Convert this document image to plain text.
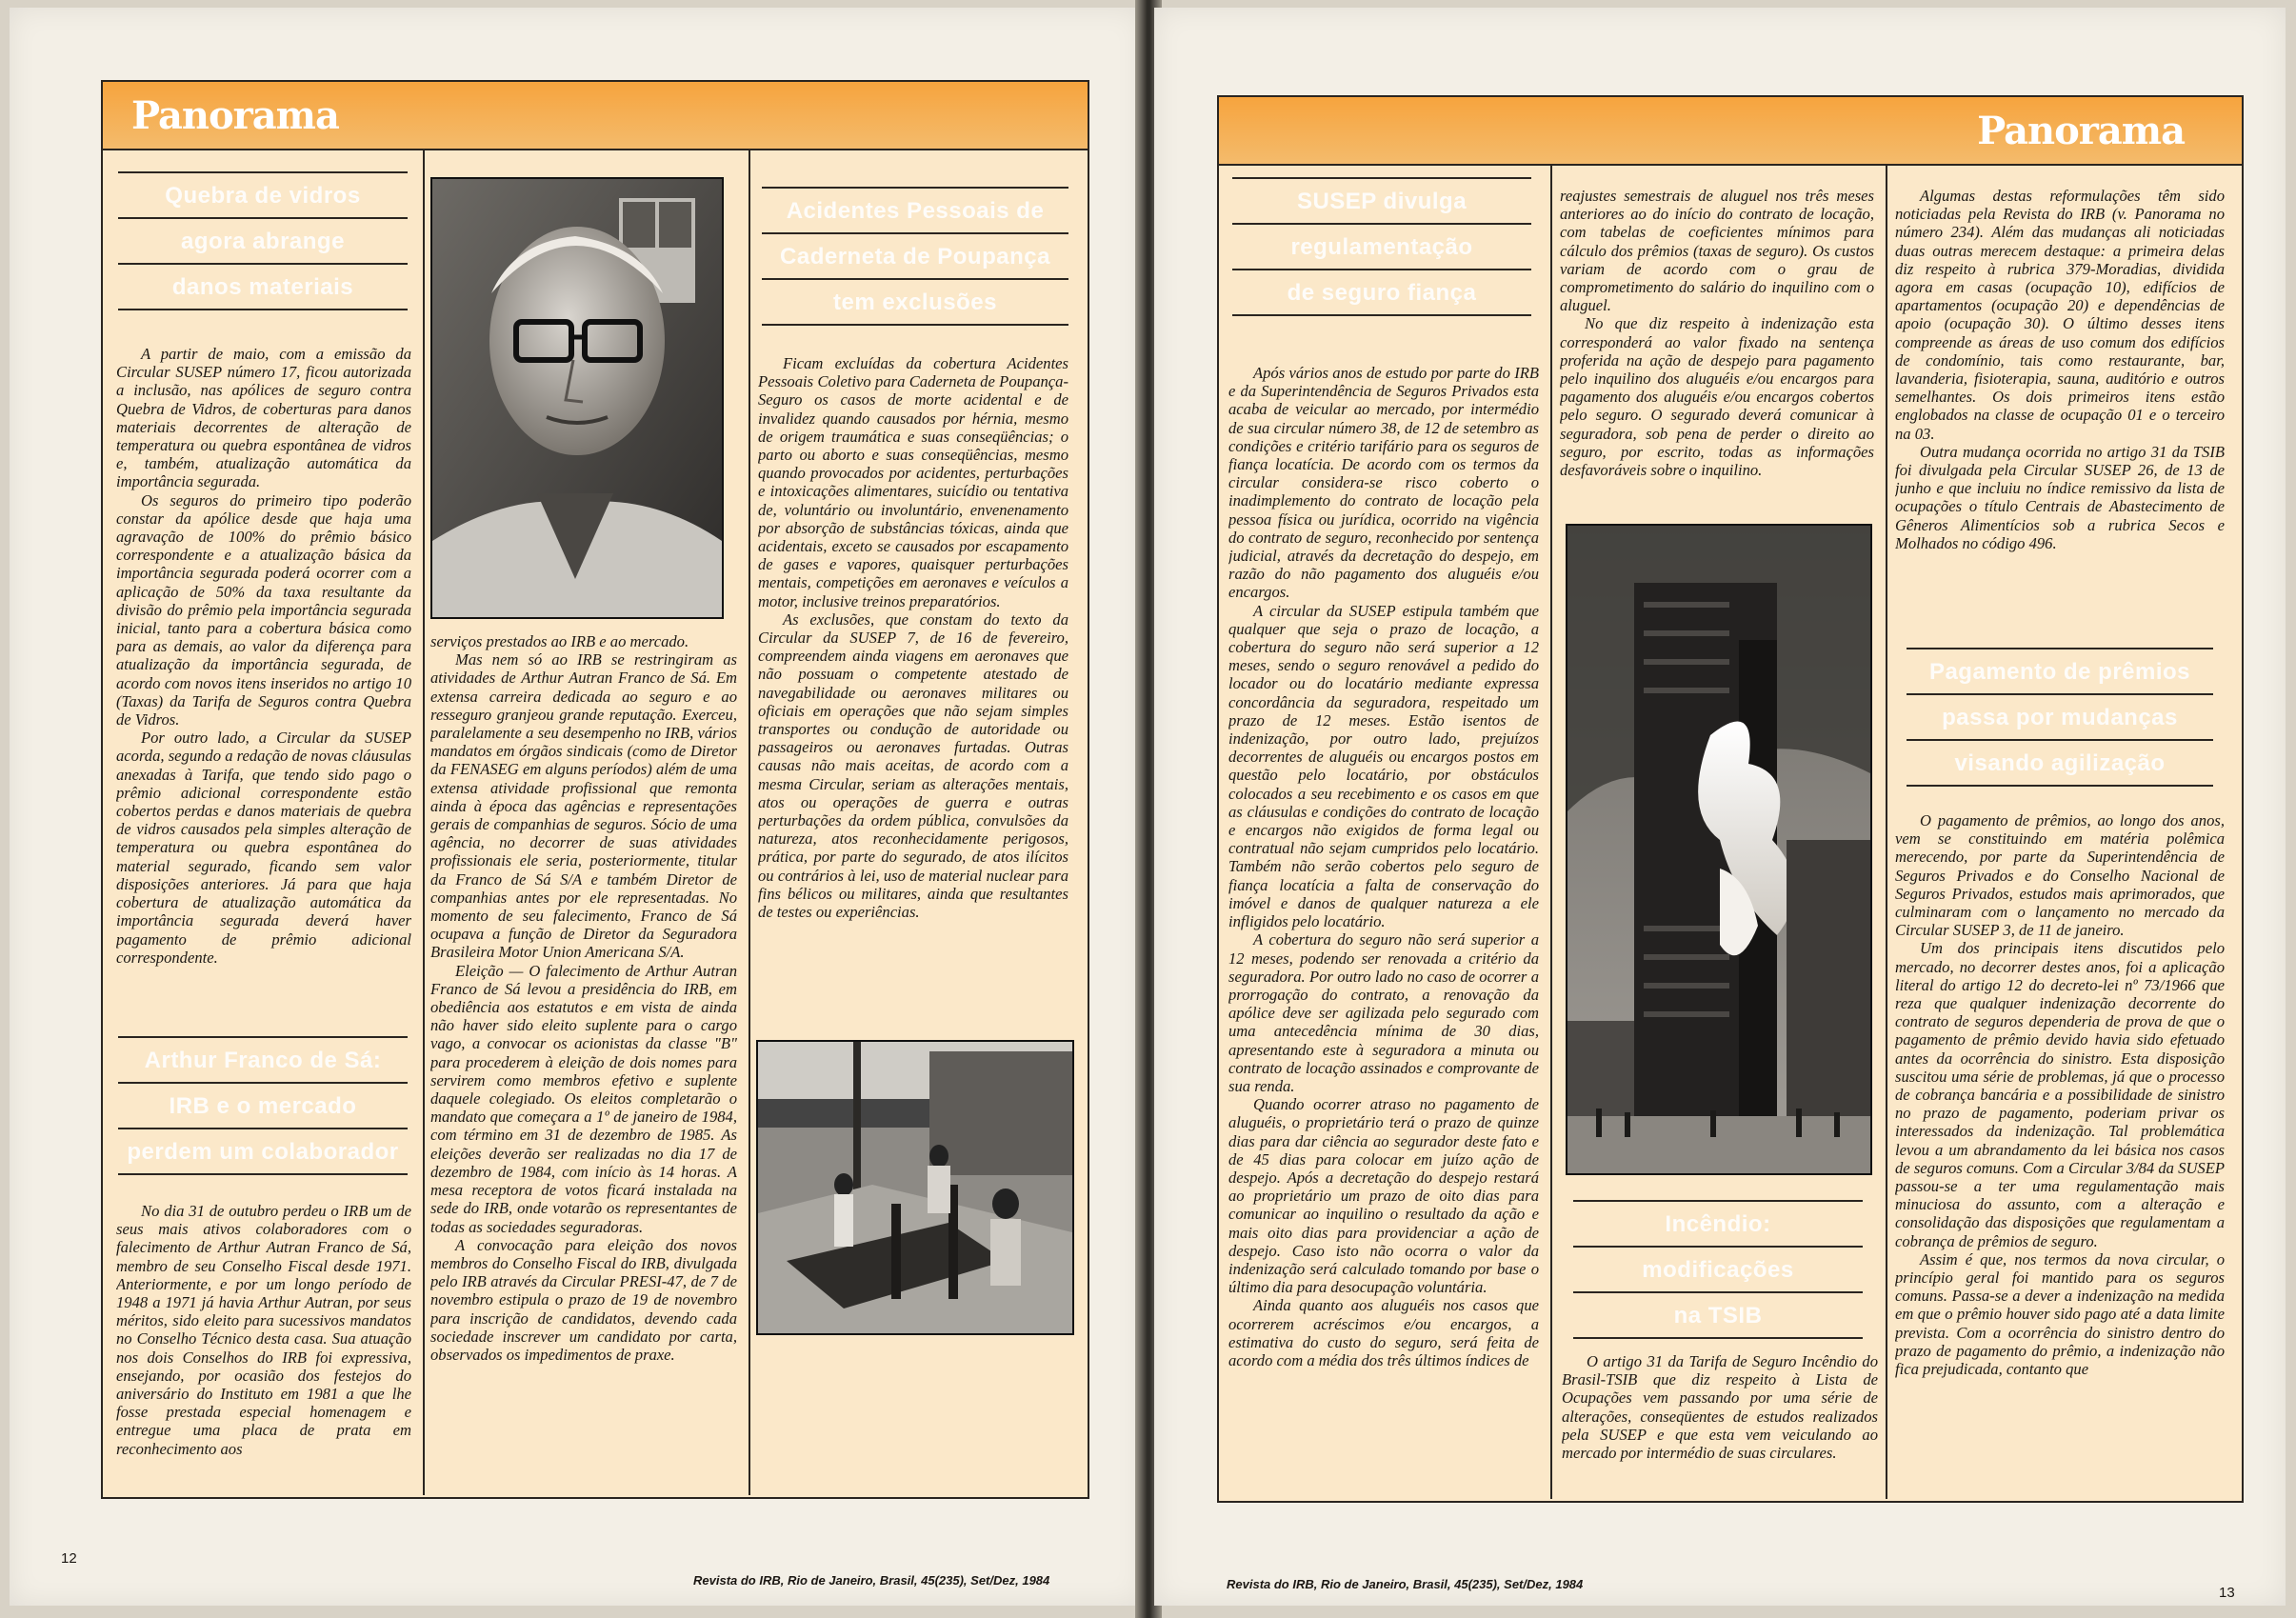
Panorama
Quebra de vidros
agora abrange
danos materiais

A partir de maio, com a emissão da Circular SUSEP número 17, ficou autorizada a inclusão, nas apólices de seguro contra Quebra de Vidros, de coberturas para danos materiais decorrentes de alteração de temperatura ou quebra espontânea de vidros e, também, atualização automática da importância segurada.

Os seguros do primeiro tipo poderão constar da apólice desde que haja uma agravação de 100% do prêmio básico correspondente e a atualização básica da importância segurada poderá ocorrer com a aplicação de 50% da taxa resultante da divisão do prêmio pela importância segurada inicial, tanto para a cobertura básica como para as demais, ao valor da diferença para atualização da importância segurada, de acordo com novos itens inseridos no artigo 10 (Taxas) da Tarifa de Seguros contra Quebra de Vidros.

Por outro lado, a Circular da SUSEP acorda, segundo a redação de novas cláusulas anexadas à Tarifa, que tendo sido pago o prêmio adicional correspondente estão cobertos perdas e danos materiais de quebra de vidros causados pela simples alteração de temperatura ou quebra espontânea do material segurado, ficando sem valor disposições anteriores. Já para que haja cobertura de atualização automática da importância segurada deverá haver pagamento de prêmio adicional correspondente.

Arthur Franco de Sá:
IRB e o mercado
perdem um colaborador

No dia 31 de outubro perdeu o IRB um de seus mais ativos colaboradores com o falecimento de Arthur Autran Franco de Sá, membro de seu Conselho Fiscal desde 1971. Anteriormente, e por um longo período de 1948 a 1971 já havia Arthur Autran, por seus méritos, sido eleito para sucessivos mandatos no Conselho Técnico desta casa. Sua atuação nos dois Conselhos do IRB foi expressiva, ensejando, por ocasião dos festejos do aniversário do Instituto em 1981 a que lhe fosse prestada especial homenagem e entregue uma placa de prata em reconhecimento aos

serviços prestados ao IRB e ao mercado.

Mas nem só ao IRB se restringiram as atividades de Arthur Autran Franco de Sá. Em extensa carreira dedicada ao seguro e ao resseguro granjeou grande reputação. Exerceu, paralelamente a seu desempenho no IRB, vários mandatos em órgãos sindicais (como de Diretor da FENASEG em alguns períodos) além de uma extensa atividade profissional que remonta ainda à época das agências e representações gerais de companhias de seguros. Sócio de uma agência, no decorrer de suas atividades profissionais ele seria, posteriormente, titular da Franco de Sá S/A e também Diretor de companhias antes por ele representadas. No momento de seu falecimento, Franco de Sá ocupava a função de Diretor da Seguradora Brasileira Motor Union Americana S/A.

Eleição — O falecimento de Arthur Autran Franco de Sá levou a presidência do IRB, em obediência aos estatutos e em vista de ainda não haver sido eleito suplente para o cargo vago, a convocar os acionistas da classe "B" para procederem à eleição de dois nomes para servirem como membros efetivo e suplente daquele colegiado. Os eleitos completarão o mandato que começara a 1º de janeiro de 1984, com término em 31 de dezembro de 1985. As eleições deverão ser realizadas no dia 17 de dezembro de 1984, com início às 14 horas. A mesa receptora de votos ficará instalada na sede do IRB, onde votarão os representantes de todas as sociedades seguradoras.

A convocação para eleição dos novos membros do Conselho Fiscal do IRB, divulgada pelo IRB através da Circular PRESI-47, de 7 de novembro estipula o prazo de 19 de novembro para inscrição de candidatos, devendo cada sociedade inscrever um candidato por carta, observados os impedimentos de praxe.

Acidentes Pessoais de
Caderneta de Poupança
tem exclusões

Ficam excluídas da cobertura Acidentes Pessoais Coletivo para Caderneta de Poupança-Seguro os casos de morte acidental e de invalidez quando causados por hérnia, mesmo de origem traumática e suas conseqüências; o parto ou aborto e suas conseqüências, mesmo quando provocados por acidentes, perturbações e intoxicações alimentares, suicídio ou tentativa de, voluntário ou involuntário, envenenamento por absorção de substâncias tóxicas, ainda que acidentais, exceto se causados por escapamento de gases e vapores, quaisquer perturbações mentais, competições em aeronaves e veículos a motor, inclusive treinos preparatórios.

As exclusões, que constam do texto da Circular da SUSEP 7, de 16 de fevereiro, compreendem ainda viagens em aeronaves que não possuam o competente atestado de navegabilidade ou aeronaves militares ou oficiais em operações que não sejam simples transportes ou condução de autoridade ou passageiros ou aeronaves furtadas. Outras causas não mais aceitas, de acordo com a mesma Circular, seriam as alterações mentais, atos ou operações de guerra e outras perturbações da ordem pública, convulsões da natureza, atos reconhecidamente perigosos, prática, por parte do segurado, de atos ilícitos ou contrários à lei, uso de material nuclear para fins bélicos ou militares, ainda que resultantes de testes ou experiências.

12
Revista do IRB, Rio de Janeiro, Brasil, 45(235), Set/Dez, 1984
Panorama
SUSEP divulga
regulamentação
de seguro fiança

Após vários anos de estudo por parte do IRB e da Superintendência de Seguros Privados esta acaba de veicular ao mercado, por intermédio de sua circular número 38, de 12 de setembro as condições e critério tarifário para os seguros de fiança locatícia. De acordo com os termos da circular considera-se risco coberto o inadimplemento do contrato de locação pela pessoa física ou jurídica, ocorrido na vigência do contrato de seguro, reconhecido por sentença judicial, através da decretação do despejo, em razão do não pagamento dos aluguéis e/ou encargos.

A circular da SUSEP estipula também que qualquer que seja o prazo de locação, a cobertura do seguro não será superior a 12 meses, sendo o seguro renovável a pedido do locador ou do locatário mediante expressa concordância da seguradora, respeitado um prazo de 12 meses. Estão isentos de indenização, por outro lado, prejuízos decorrentes de aluguéis ou encargos postos em questão pelo locatário, por obstáculos colocados a seu recebimento e os casos em que as cláusulas e condições do contrato de locação e encargos não exigidos de forma legal ou contratual não sejam cumpridos pelo locatário. Também não serão cobertos pelo seguro de fiança locatícia a falta de conservação do imóvel e danos de qualquer natureza a ele infligidos pelo locatário.

A cobertura do seguro não será superior a 12 meses, podendo ser renovada a critério da seguradora. Por outro lado no caso de ocorrer a prorrogação do contrato, a renovação da apólice deve ser agilizada pelo segurado com uma antecedência mínima de 30 dias, apresentando este à seguradora a minuta ou contrato de locação assinados e comprovante de sua renda.

Quando ocorrer atraso no pagamento de aluguéis, o proprietário terá o prazo de quinze dias para dar ciência ao segurador deste fato e de 45 dias para colocar em juízo ação de despejo. Após a decretação do despejo restará ao proprietário um prazo de oito dias para comunicar ao inquilino o resultado da ação e mais oito dias para providenciar a ação de despejo. Caso isto não ocorra o valor da indenização será calculado tomando por base o último dia para desocupação voluntária.

Ainda quanto aos aluguéis nos casos que ocorrerem acréscimos e/ou encargos, a estimativa do custo do seguro, será feita de acordo com a média dos três últimos índices de

reajustes semestrais de aluguel nos três meses anteriores ao do início do contrato de locação, com tabelas de coeficientes mínimos para cálculo dos prêmios (taxas de seguro). Os custos variam de acordo com o grau de comprometimento do salário do inquilino com o aluguel.

No que diz respeito à indenização esta corresponderá ao valor fixado na sentença proferida na ação de despejo para pagamento pelo inquilino dos aluguéis e/ou encargos para pagamento dos aluguéis e/ou encargos cobertos pelo seguro. O segurado deverá comunicar à seguradora, sob pena de perder o direito ao seguro, por escrito, todas as informações desfavoráveis sobre o inquilino.

Incêndio:
modificações
na TSIB

O artigo 31 da Tarifa de Seguro Incêndio do Brasil-TSIB que diz respeito à Lista de Ocupações vem passando por uma série de alterações, conseqüentes de estudos realizados pela SUSEP e que esta vem veiculando ao mercado por intermédio de suas circulares.

Algumas destas reformulações têm sido noticiadas pela Revista do IRB (v. Panorama no número 234). Além das mudanças ali noticiadas duas outras merecem destaque: a primeira delas diz respeito à rubrica 379-Moradias, dividida agora em casas (ocupação 10), edifícios de apartamentos (ocupação 20) e dependências de apoio (ocupação 30). O último desses itens compreende as áreas de uso comum dos edifícios de condomínio, tais como restaurante, bar, lavanderia, fisioterapia, sauna, auditório e outros semelhantes. Os dois primeiros itens estão englobados na classe de ocupação 01 e o terceiro na 03.

Outra mudança ocorrida no artigo 31 da TSIB foi divulgada pela Circular SUSEP 26, de 13 de junho e que incluiu no índice remissivo da lista de ocupações o título Centrais de Abastecimento de Gêneros Alimentícios sob a rubrica Secos e Molhados no código 496.

Pagamento de prêmios
passa por mudanças
visando agilização

O pagamento de prêmios, ao longo dos anos, vem se constituindo em matéria polêmica merecendo, por parte da Superintendência de Seguros Privados e do Conselho Nacional de Seguros Privados, estudos mais aprimorados, que culminaram com o lançamento no mercado da Circular SUSEP 3, de 11 de janeiro.

Um dos principais itens discutidos pelo mercado, no decorrer destes anos, foi a aplicação literal do artigo 12 do decreto-lei nº 73/1966 que reza que qualquer indenização decorrente do contrato de seguros dependeria de prova de que o pagamento de prêmio devido havia sido efetuado antes da ocorrência do sinistro. Esta disposição suscitou uma série de problemas, já que o processo de cobrança bancária e a possibilidade de sinistro no prazo de pagamento, poderiam privar os interessados da indenização. Tal problemática levou a um abrandamento da lei básica nos casos de seguros comuns. Com a Circular 3/84 da SUSEP passou-se a ter uma regulamentação mais minuciosa do assunto, com a alteração e consolidação das disposições que regulamentam a cobrança de prêmios de seguro.

Assim é que, nos termos da nova circular, o princípio geral foi mantido para os seguros comuns. Passa-se a dever a indenização na medida em que o prêmio houver sido pago até a data limite prevista. Com a ocorrência do sinistro dentro do prazo de pagamento do prêmio, a indenização não fica prejudicada, contanto que

Revista do IRB, Rio de Janeiro, Brasil, 45(235), Set/Dez, 1984
13
